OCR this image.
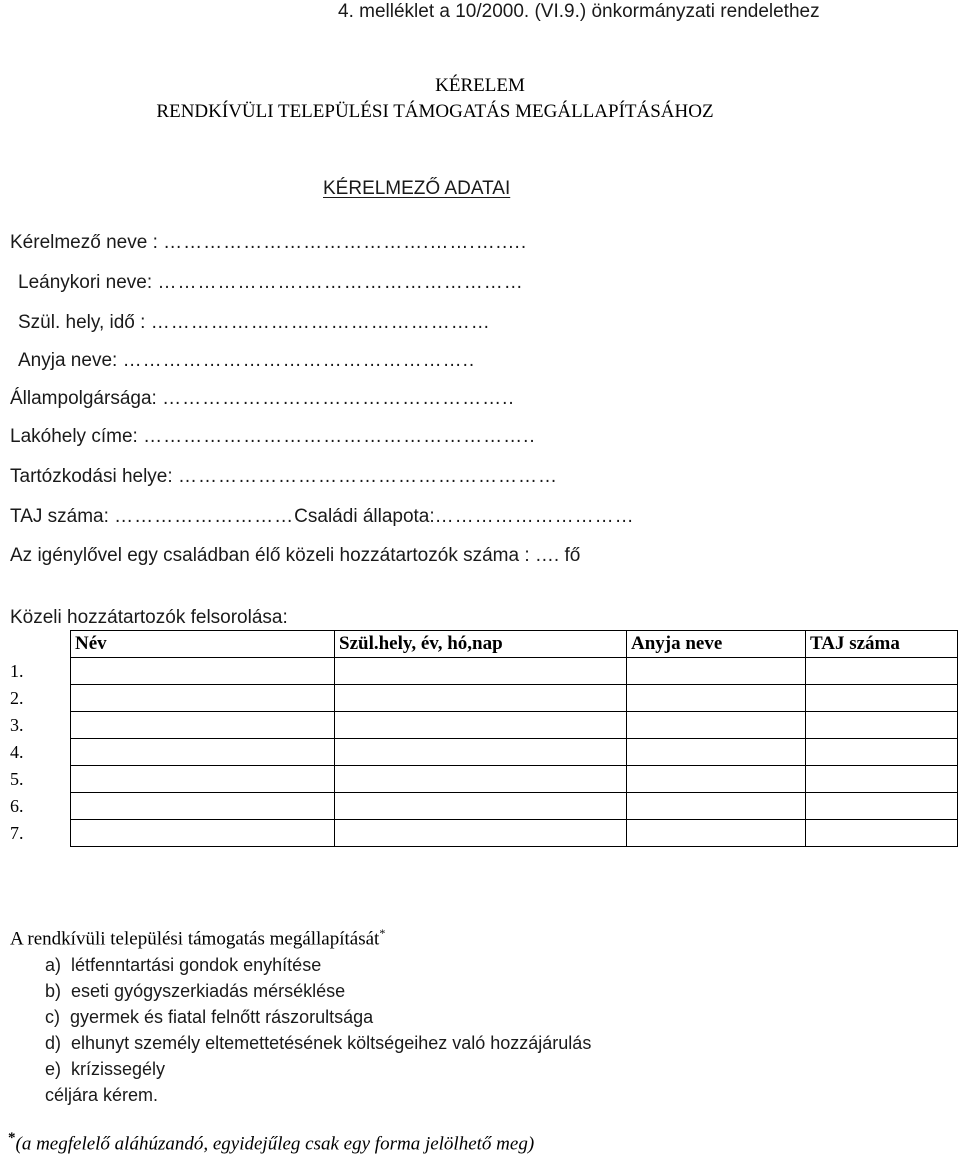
4. melléklet a 10/2000. (VI.9.) önkormányzati rendelethez
KÉRELEM
RENDKÍVÜLI TELEPÜLÉSI TÁMOGATÁS MEGÁLLAPÍTÁSÁHOZ
KÉRELMEZŐ ADATAI
Kérelmező neve : ………………………………….…….….....
Leánykori neve: ………………….……………………………
Szül. hely, idő : ……………………………………………
Anyja neve: ……………………………………………..
Állampolgársága: ……………………………………………..
Lakóhely címe: …………………………………………………..
Tartózkodási helye: …………………………………………………
TAJ száma: ………………………Családi állapota:…………………………
Az igénylővel egy családban élő közeli hozzátartozók száma : …. fő
Közeli hozzátartozók felsorolása:
	Név	Szül.hely, év, hó,nap	Anyja neve	TAJ száma
1.				
2.				
3.				
4.				
5.				
6.				
7.				
A rendkívüli települési támogatás megállapítását*
a) létfenntartási gondok enyhítése
b) eseti gyógyszerkiadás mérséklése
c) gyermek és fiatal felnőtt rászorultsága
d) elhunyt személy eltemettetésének költségeihez való hozzájárulás
e) krízissegély
céljára kérem.
*(a megfelelő aláhúzandó, egyidejűleg csak egy forma jelölhető meg)
